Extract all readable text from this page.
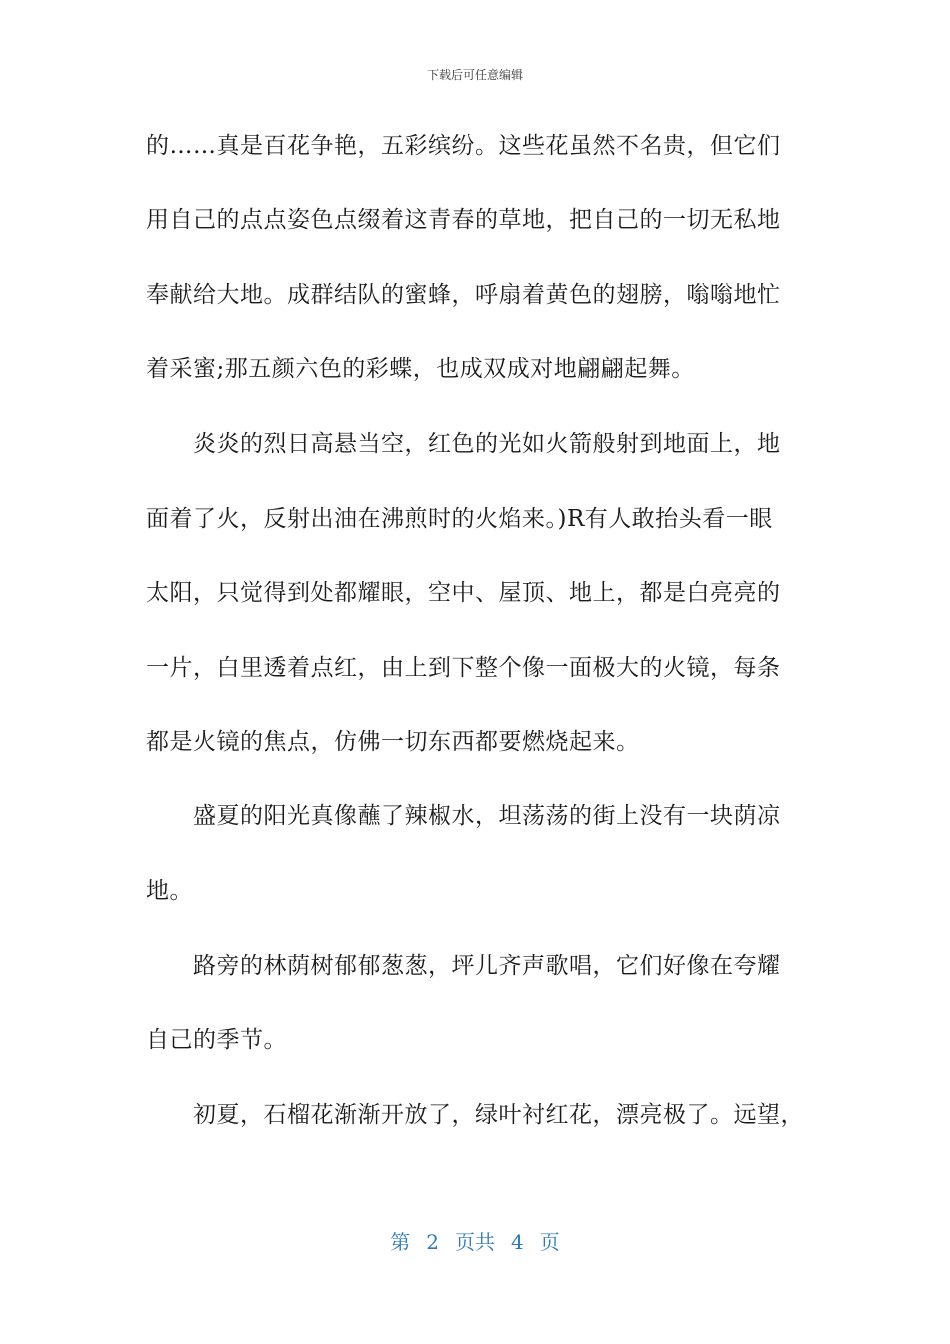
下载后可任意编辑
的……真是百花争艳，五彩缤纷。这些花虽然不名贵，但它们
用自己的点点姿色点缀着这青春的草地，把自己的一切无私地
奉献给大地。成群结队的蜜蜂，呼扇着黄色的翅膀，嗡嗡地忙
着采蜜;那五颜六色的彩蝶，也成双成对地翩翩起舞。
　　炎炎的烈日高悬当空，红色的光如火箭般射到地面上，地
面着了火，反射出油在沸煎时的火焰来。)R有人敢抬头看一眼
太阳，只觉得到处都耀眼，空中、屋顶、地上，都是白亮亮的
一片，白里透着点红，由上到下整个像一面极大的火镜，每条
都是火镜的焦点，仿佛一切东西都要燃烧起来。
　　盛夏的阳光真像蘸了辣椒水，坦荡荡的街上没有一块荫凉
地。
　　路旁的林荫树郁郁葱葱，坪儿齐声歌唱，它们好像在夸耀
自己的季节。
　　初夏，石榴花渐渐开放了，绿叶衬红花，漂亮极了。远望，
第 2 页共 4 页
